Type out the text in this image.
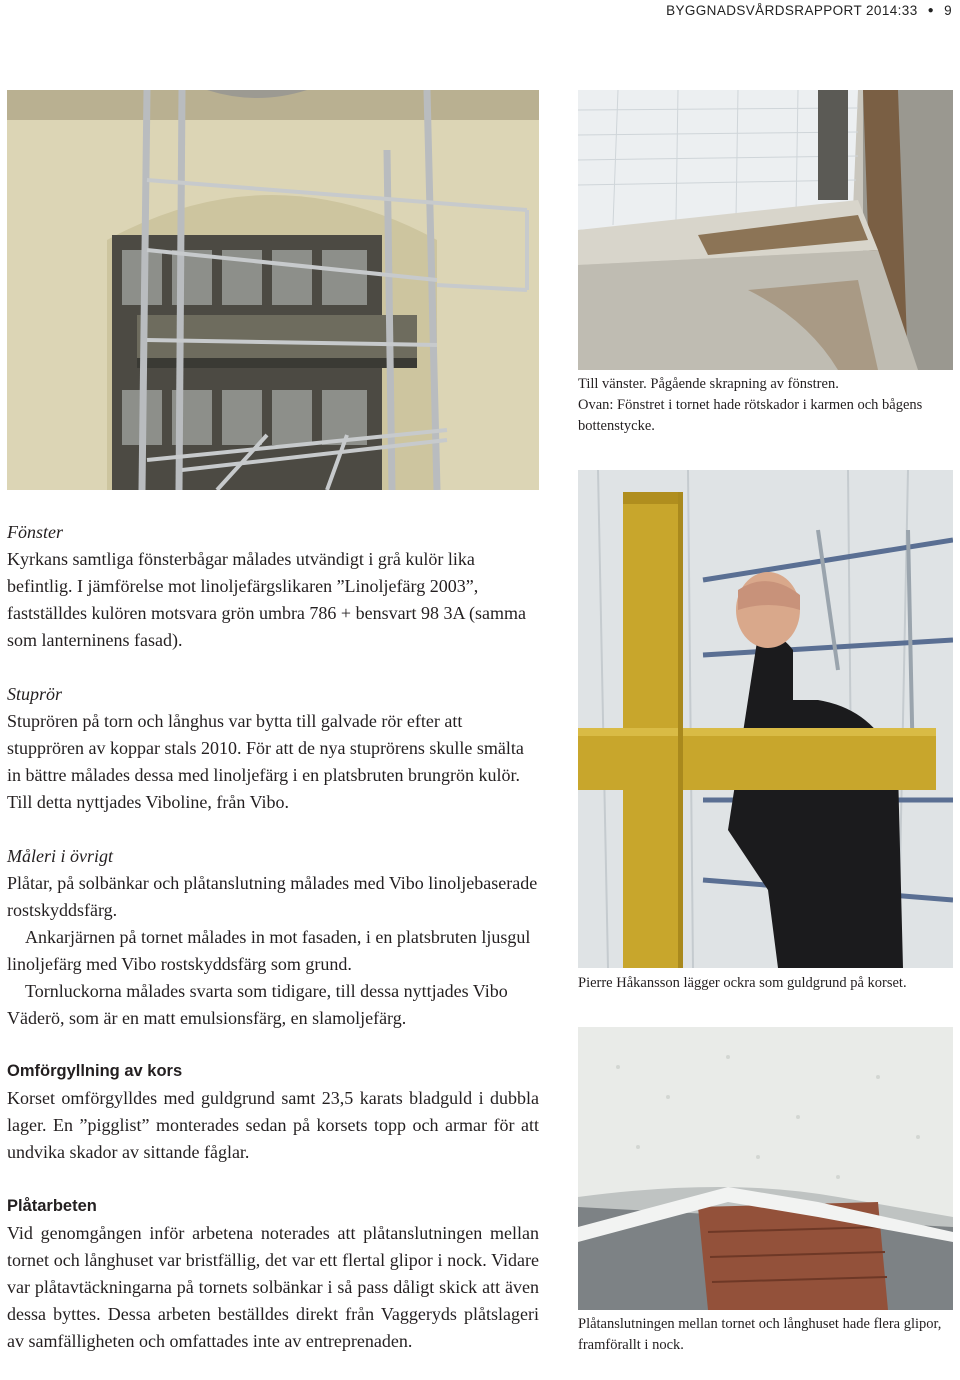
BYGGNADSVÅRDSRAPPORT 2014:33 ● 9
Till vänster. Pågående skrapning av fönstren.
Ovan: Fönstret i tornet hade rötskador i karmen och bågens bottenstycke.
Pierre Håkansson lägger ockra som guldgrund på korset.
Plåtanslutningen mellan tornet och långhuset hade flera glipor, framförallt i nock.

Fönster

Kyrkans samtliga fönsterbågar målades utvändigt i grå kulör lika befintlig. I jämförelse mot linoljefärgslikaren ”Linoljefärg 2003”, fastställdes kulören motsvara grön umbra 786 + bensvart 98 3A (samma som lanterninens fasad).

Stuprör

Stuprören på torn och långhus var bytta till galvade rör efter att stupprören av koppar stals 2010. För att de nya stuprörens skulle smälta in bättre målades dessa med linoljefärg i en platsbruten brungrön kulör. Till detta nyttjades Viboline, från Vibo.

Måleri i övrigt

Plåtar, på solbänkar och plåtanslutning målades med Vibo linoljebaserade rostskyddsfärg.

Ankarjärnen på tornet målades in mot fasaden, i en platsbruten ljusgul linoljefärg med Vibo rostskyddsfärg som grund.

Tornluckorna målades svarta som tidigare, till dessa nyttjades Vibo Väderö, som är en matt emulsionsfärg, en slamoljefärg.

Omförgyllning av kors

Korset omförgylldes med guldgrund samt 23,5 karats bladguld i dubbla lager. En ”pigglist” monterades sedan på korsets topp och armar för att undvika skador av sittande fåglar.

Plåtarbeten

Vid genomgången inför arbetena noterades att plåtanslutningen mellan tornet och långhuset var bristfällig, det var ett flertal glipor i nock. Vidare var plåtavtäckningarna på tornets solbänkar i så pass dåligt skick att även dessa byttes. Dessa arbeten beställdes direkt från Vaggeryds plåtslageri av samfälligheten och omfattades inte av entreprenaden.
